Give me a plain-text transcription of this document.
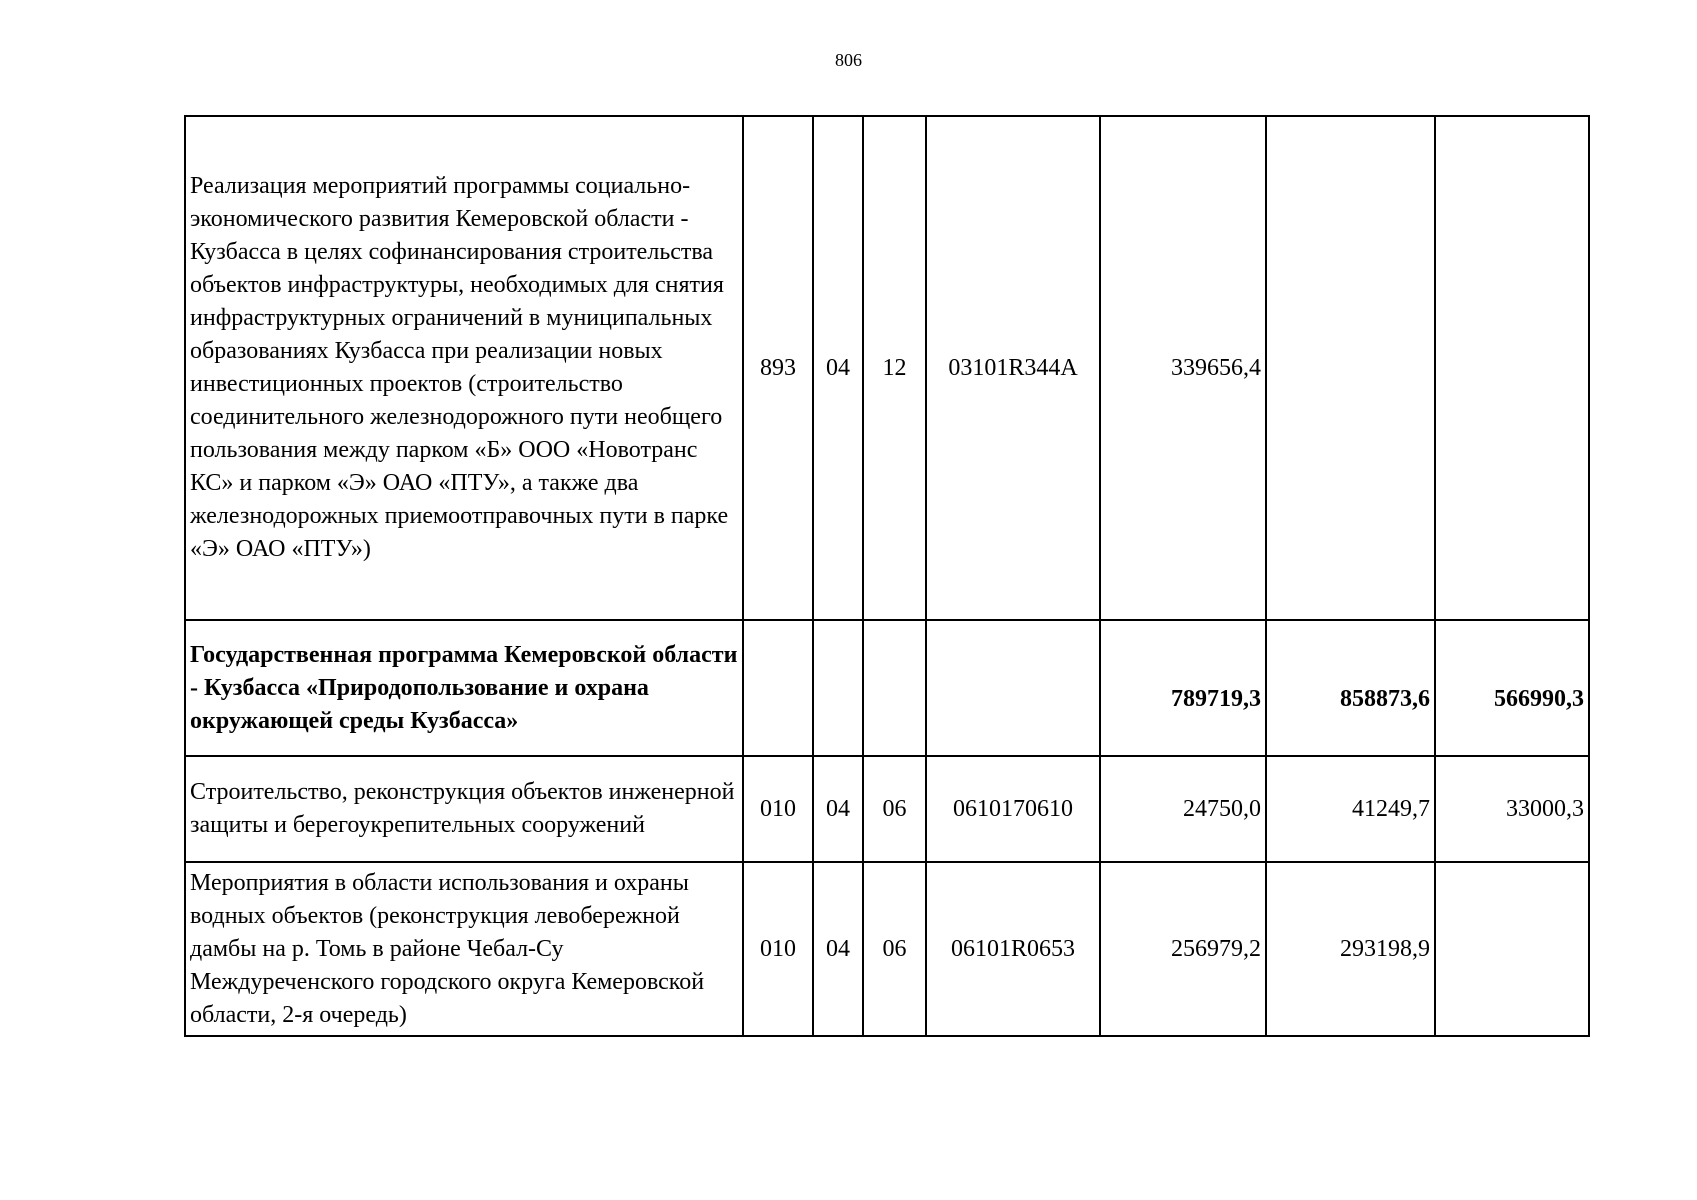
806
Реализация мероприятий программы социально-экономического развития Кемеровской области - Кузбасса в целях софинансирования строительства объектов инфраструктуры, необходимых для снятия инфраструктурных ограничений в муниципальных образованиях Кузбасса при реализации новых инвестиционных проектов (строительство соединительного железнодорожного пути необщего пользования между парком «Б» ООО «Новотранс КС» и парком «Э» ОАО «ПТУ», а также два железнодорожных приемоотправочных пути в парке «Э» ОАО «ПТУ»)	893	04	12	03101R344A	339656,4		
Государственная программа Кемеровской области - Кузбасса «Природопользование и охрана окружающей среды Кузбасса»					789719,3	858873,6	566990,3
Строительство, реконструкция объектов инженерной защиты и берегоукрепительных сооружений	010	04	06	0610170610	24750,0	41249,7	33000,3
Мероприятия в области использования и охраны водных объектов (реконструкция левобережной дамбы на р. Томь в районе Чебал-Су Междуреченского городского округа Кемеровской области, 2-я очередь)	010	04	06	06101R0653	256979,2	293198,9	
